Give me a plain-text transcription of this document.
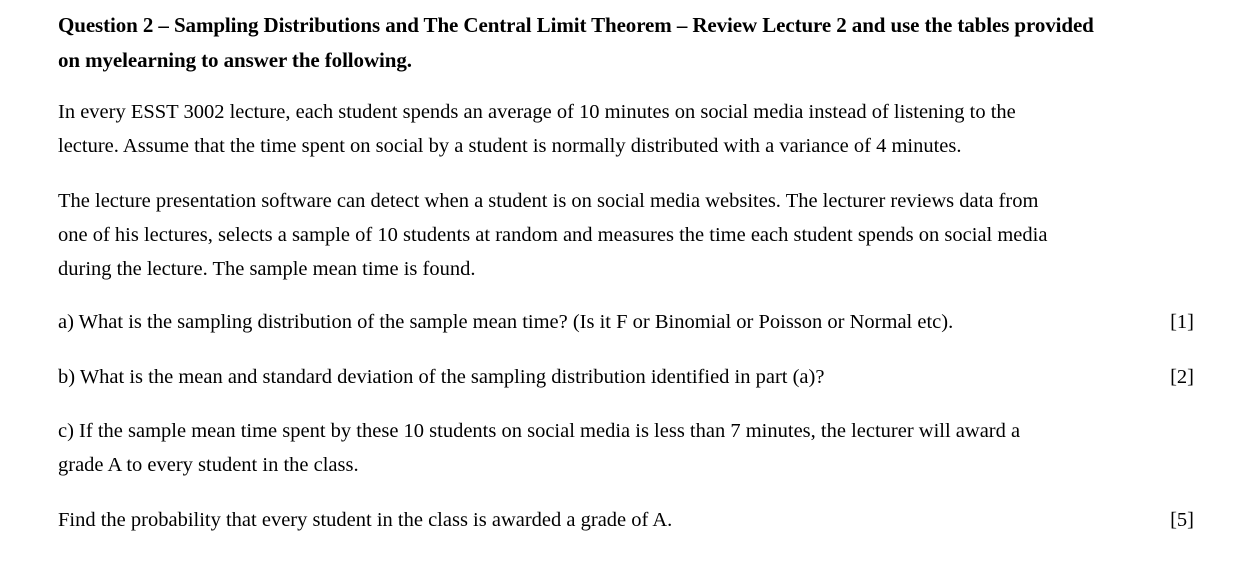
Question 2 – Sampling Distributions and The Central Limit Theorem – Review Lecture 2 and use the tables provided
on myelearning to answer the following.
In every ESST 3002 lecture, each student spends an average of 10 minutes on social media instead of listening to the
lecture. Assume that the time spent on social by a student is normally distributed with a variance of 4 minutes.
The lecture presentation software can detect when a student is on social media websites. The lecturer reviews data from
one of his lectures, selects a sample of 10 students at random and measures the time each student spends on social media
during the lecture. The sample mean time is found.
a) What is the sampling distribution of the sample mean time? (Is it F or Binomial or Poisson or Normal etc).
b) What is the mean and standard deviation of the sampling distribution identified in part (a)?
c) If the sample mean time spent by these 10 students on social media is less than 7 minutes, the lecturer will award a
grade A to every student in the class.
Find the probability that every student in the class is awarded a grade of A.
[1]
[2]
[5]
